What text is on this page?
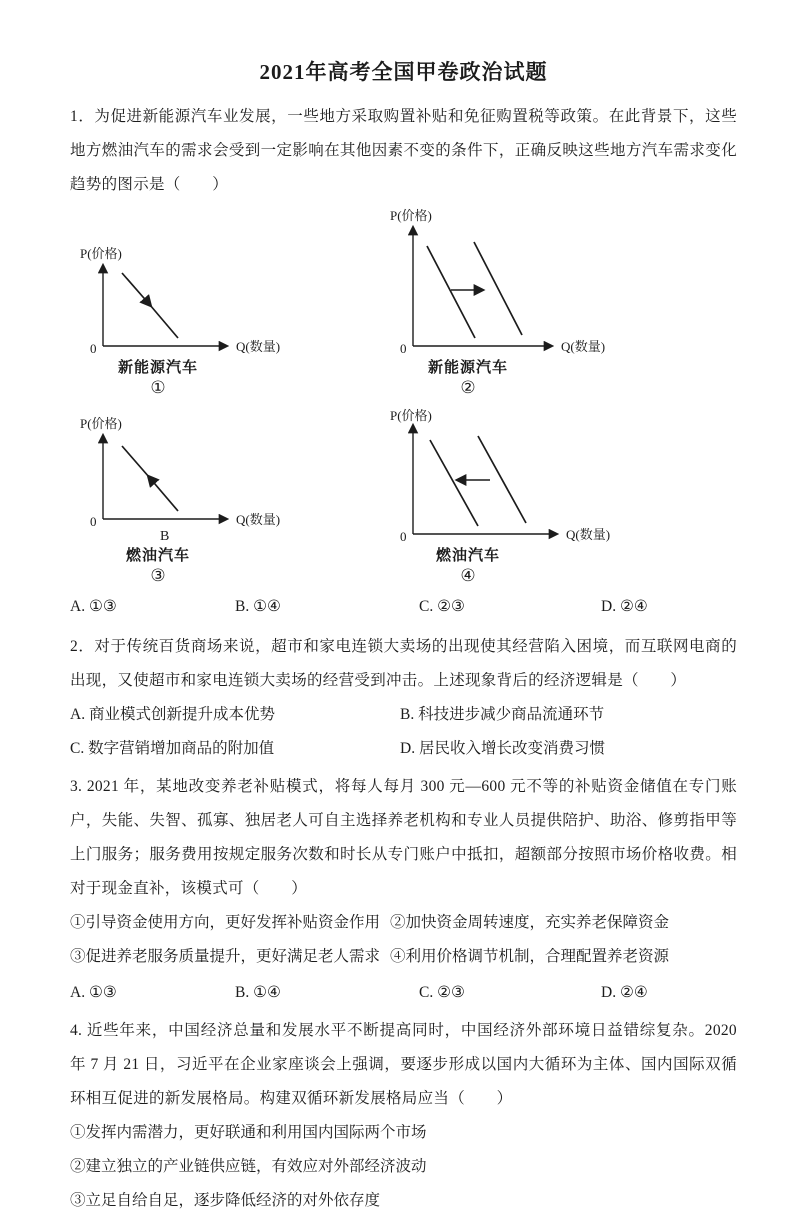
2021年高考全国甲卷政治试题

1．为促进新能源汽车业发展，一些地方采取购置补贴和免征购置税等政策。在此背景下，这些地方燃油汽车的需求会受到一定影响在其他因素不变的条件下，正确反映这些地方汽车需求变化趋势的图示是（　　）

P(价格)
Q(数量)
0
新能源汽车
①
P(价格)
Q(数量)
0
新能源汽车
②
P(价格)
Q(数量)
0
B
燃油汽车
③
P(价格)
Q(数量)
0
燃油汽车
④
A. ①③	B. ①④	C. ②③	D. ②④

2．对于传统百货商场来说，超市和家电连锁大卖场的出现使其经营陷入困境，而互联网电商的出现，又使超市和家电连锁大卖场的经营受到冲击。上述现象背后的经济逻辑是（　　）

A. 商业模式创新提升成本优势	B. 科技进步减少商品流通环节
C. 数字营销增加商品的附加值	D. 居民收入增长改变消费习惯

3. 2021 年，某地改变养老补贴模式，将每人每月 300 元—600 元不等的补贴资金储值在专门账户，失能、失智、孤寡、独居老人可自主选择养老机构和专业人员提供陪护、助浴、修剪指甲等上门服务；服务费用按规定服务次数和时长从专门账户中抵扣，超额部分按照市场价格收费。相对于现金直补，该模式可（　　）

①引导资金使用方向，更好发挥补贴资金作用 ②加快资金周转速度，充实养老保障资金
③促进养老服务质量提升，更好满足老人需求 ④利用价格调节机制，合理配置养老资源
A. ①③	B. ①④	C. ②③	D. ②④

4. 近些年来，中国经济总量和发展水平不断提高同时，中国经济外部环境日益错综复杂。2020 年 7 月 21 日，习近平在企业家座谈会上强调，要逐步形成以国内大循环为主体、国内国际双循环相互促进的新发展格局。构建双循环新发展格局应当（　　）

①发挥内需潜力，更好联通和利用国内国际两个市场
②建立独立的产业链供应链，有效应对外部经济波动
③立足自给自足，逐步降低经济的对外依存度
